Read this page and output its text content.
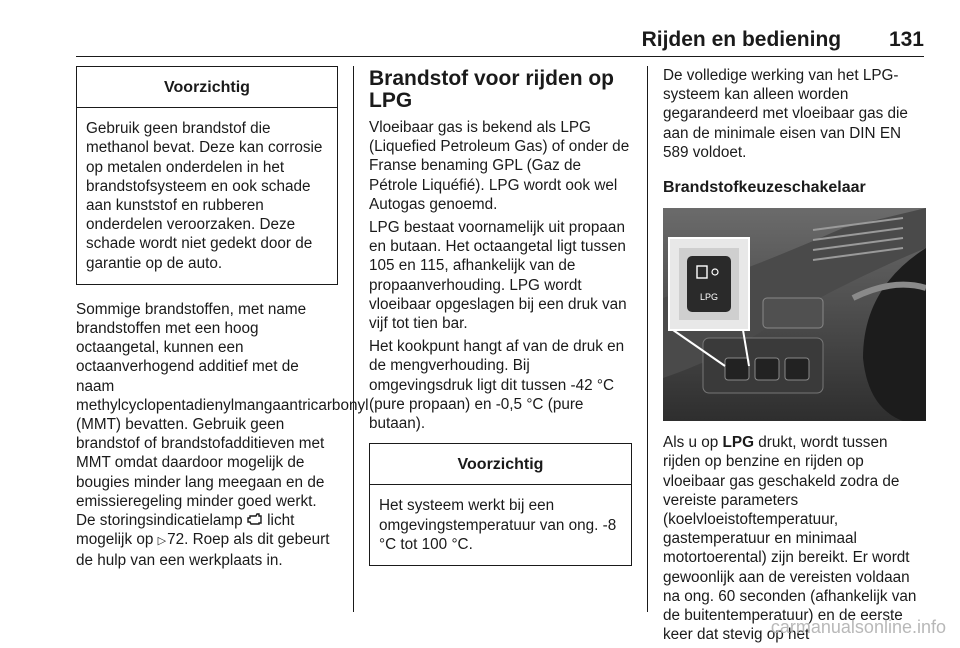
Rijden en bediening 131
Voorzichtig
Gebruik geen brandstof die methanol bevat. Deze kan corrosie op metalen onderdelen in het brandstofsysteem en ook schade aan kunststof en rubberen onderdelen veroorzaken. Deze schade wordt niet gedekt door de garantie op de auto.

Sommige brandstoffen, met name brandstoffen met een hoog octaangetal, kunnen een octaanverhogend additief met de naam methylcyclopentadienylmangaantricarbonyl (MMT) bevatten. Gebruik geen brandstof of brandstofadditieven met MMT omdat daardoor mogelijk de bougies minder lang meegaan en de emissieregeling minder goed werkt. De storingsindicatielamp  licht mogelijk op ▷72. Roep als dit gebeurt de hulp van een werkplaats in.

Brandstof voor rijden op LPG

Vloeibaar gas is bekend als LPG (Liquefied Petroleum Gas) of onder de Franse benaming GPL (Gaz de Pétrole Liquéfié). LPG wordt ook wel Autogas genoemd.

LPG bestaat voornamelijk uit propaan en butaan. Het octaangetal ligt tussen 105 en 115, afhankelijk van de propaanverhouding. LPG wordt vloeibaar opgeslagen bij een druk van vijf tot tien bar.

Het kookpunt hangt af van de druk en de mengverhouding. Bij omgevingsdruk ligt dit tussen -42 °C (pure propaan) en -0,5 °C (pure butaan).

Voorzichtig
Het systeem werkt bij een omgevingstemperatuur van ong. -8 °C tot 100 °C.

De volledige werking van het LPG-systeem kan alleen worden gegarandeerd met vloeibaar gas die aan de minimale eisen van DIN EN 589 voldoet.

Brandstofkeuzeschakelaar
LPG

Als u op LPG drukt, wordt tussen rijden op benzine en rijden op vloeibaar gas geschakeld zodra de vereiste parameters (koelvloeistoftemperatuur, gastemperatuur en minimaal motortoerental) zijn bereikt. Er wordt gewoonlijk aan de vereisten voldaan na ong. 60 seconden (afhankelijk van de buitentemperatuur) en de eerste keer dat stevig op het

carmanualsonline.info
